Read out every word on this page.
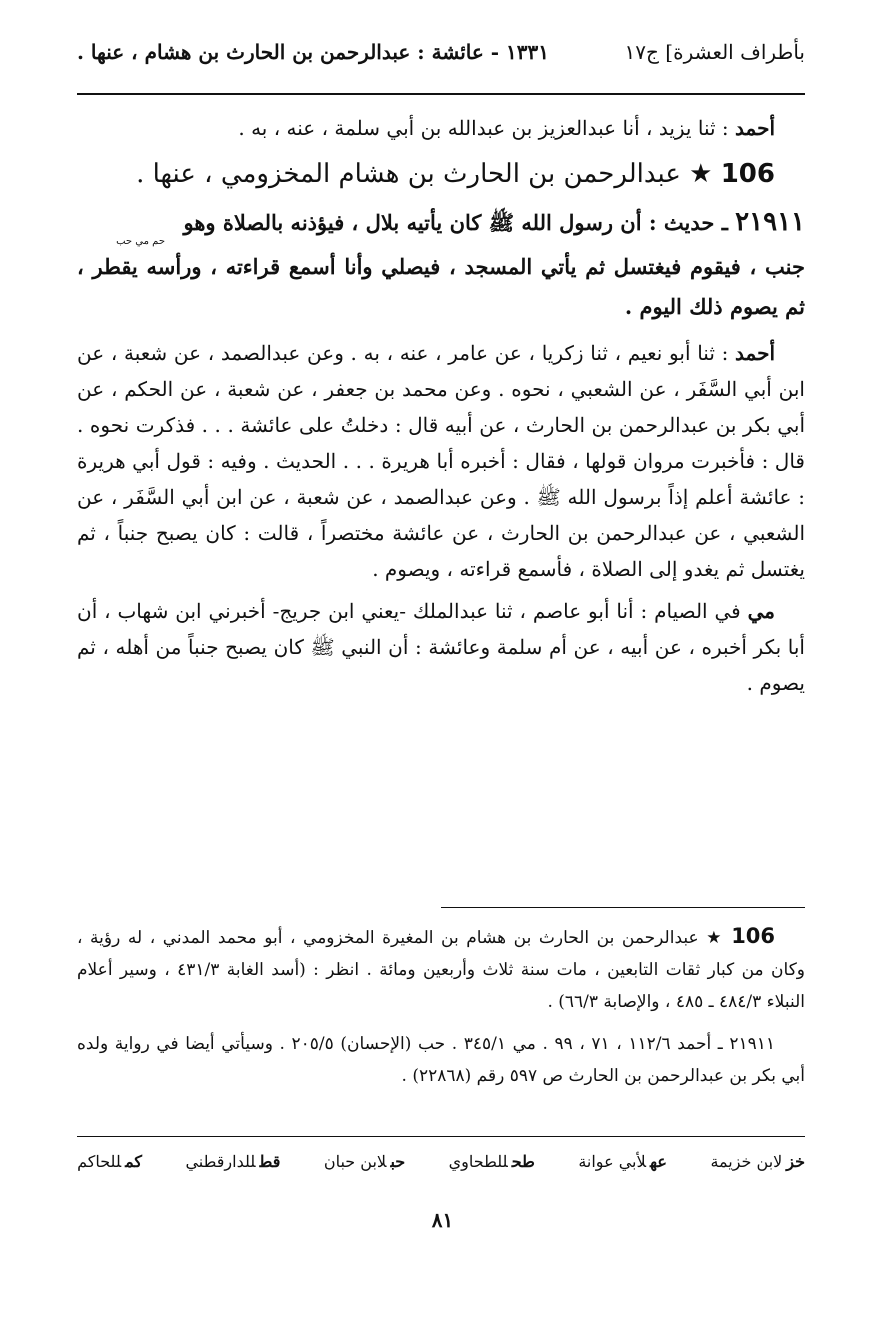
بأطراف العشرة] ج١٧
١٣٣١ - عائشة : عبدالرحمن بن الحارث بن هشام ، عنها .

أحمد : ثنا يزيد ، أنا عبدالعزيز بن عبدالله بن أبي سلمة ، عنه ، به .

106 ★ عبدالرحمن بن الحارث بن هشام المخزومي ، عنها .

٢١٩١١ ـ حديث : أن رسول الله ﷺ كان يأتيه بلال ، فيؤذنه بالصلاة وهو
حم مي حب
جنب ، فيقوم فيغتسل ثم يأتي المسجد ، فيصلي وأنا أسمع قراءته ، ورأسه يقطر ، ثم يصوم ذلك اليوم .

أحمد : ثنا أبو نعيم ، ثنا زكريا ، عن عامر ، عنه ، به . وعن عبدالصمد ، عن شعبة ، عن ابن أبي السَّفَر ، عن الشعبي ، نحوه . وعن محمد بن جعفر ، عن شعبة ، عن الحكم ، عن أبي بكر بن عبدالرحمن بن الحارث ، عن أبيه قال : دخلتُ على عائشة . . . فذكرت نحوه . قال : فأخبرت مروان قولها ، فقال : أخبره أبا هريرة . . . الحديث . وفيه : قول أبي هريرة : عائشة أعلم إذاً برسول الله ﷺ . وعن عبدالصمد ، عن شعبة ، عن ابن أبي السَّفَر ، عن الشعبي ، عن عبدالرحمن بن الحارث ، عن عائشة مختصراً ، قالت : كان يصبح جنباً ، ثم يغتسل ثم يغدو إلى الصلاة ، فأسمع قراءته ، ويصوم .

مي في الصيام : أنا أبو عاصم ، ثنا عبدالملك -يعني ابن جريج- أخبرني ابن شهاب ، أن أبا بكر أخبره ، عن أبيه ، عن أم سلمة وعائشة : أن النبي ﷺ كان يصبح جنباً من أهله ، ثم يصوم .

106 ★ عبدالرحمن بن الحارث بن هشام بن المغيرة المخزومي ، أبو محمد المدني ، له رؤية ، وكان من كبار ثقات التابعين ، مات سنة ثلاث وأربعين ومائة . انظر : (أسد الغابة ٤٣١/٣ ، وسير أعلام النبلاء ٤٨٤/٣ ـ ٤٨٥ ، والإصابة ٦٦/٣) .

٢١٩١١ ـ أحمد ١١٢/٦ ، ٧١ ، ٩٩ . مي ٣٤٥/١ . حب (الإحسان) ٢٠٥/٥ . وسيأتي أيضا في رواية ولده أبي بكر بن عبدالرحمن بن الحارث ص ٥٩٧ رقم (٢٢٨٦٨) .

خزلابن خزيمة
عهلأبي عوانة
طحللطحاوي
حبلابن حبان
قطللدارقطني
كمللحاكم
٨١
